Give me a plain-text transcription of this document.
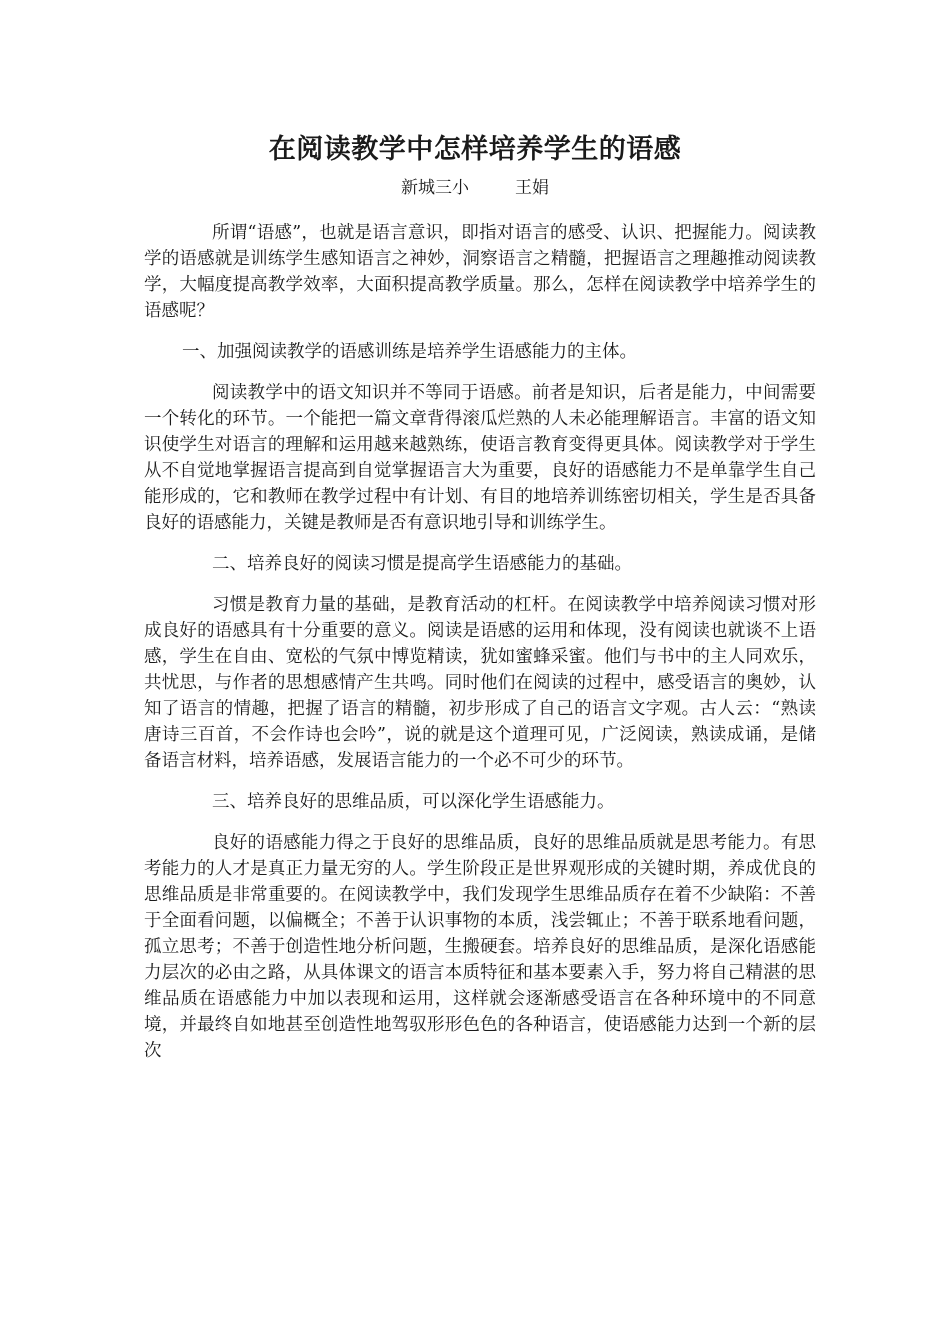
在阅读教学中怎样培养学生的语感
新城三小	王娟

所谓“语感”，也就是语言意识，即指对语言的感受、认识、把握能力。阅读教学的语感就是训练学生感知语言之神妙，洞察语言之精髓，把握语言之理趣推动阅读教　学，大幅度提高教学效率，大面积提高教学质量。那么，怎样在阅读教学中培养学生的语感呢？

一、加强阅读教学的语感训练是培养学生语感能力的主体。

阅读教学中的语文知识并不等同于语感。前者是知识，后者是能力，中间需要一个转化的环节。一个能把一篇文章背得滚瓜烂熟的人未必能理解语言。丰富的语文知识使学生对语言的理解和运用越来越熟练，使语言教育变得更具体。阅读教学对于学生从不自觉地掌握语言提高到自觉掌握语言大为重要，良好的语感能力不是单靠学生自己能形成的，它和教师在教学过程中有计划、有目的地培养训练密切相关，学生是否具备良好的语感能力，关键是教师是否有意识地引导和训练学生。

二、培养良好的阅读习惯是提高学生语感能力的基础。

习惯是教育力量的基础，是教育活动的杠杆。在阅读教学中培养阅读习惯对形成良好的语感具有十分重要的意义。阅读是语感的运用和体现，没有阅读也就谈不上语感，学生在自由、宽松的气氛中博览精读，犹如蜜蜂采蜜。他们与书中的主人同欢乐，共忧思，与作者的思想感情产生共鸣。同时他们在阅读的过程中，感受语言的奥妙，认知了语言的情趣，把握了语言的精髓，初步形成了自己的语言文字观。古人云：“熟读唐诗三百首，不会作诗也会吟”，说的就是这个道理可见，广泛阅读，熟读成诵，是储备语言材料，培养语感，发展语言能力的一个必不可少的环节。

三、培养良好的思维品质，可以深化学生语感能力。

良好的语感能力得之于良好的思维品质，良好的思维品质就是思考能力。有思考能力的人才是真正力量无穷的人。学生阶段正是世界观形成的关键时期，养成优良的思维品质是非常重要的。在阅读教学中，我们发现学生思维品质存在着不少缺陷：不善于全面看问题，以偏概全；不善于认识事物的本质，浅尝辄止；不善于联系地看问题，孤立思考；不善于创造性地分析问题，生搬硬套。培养良好的思维品质，是深化语感能力层次的必由之路，从具体课文的语言本质特征和基本要素入手，努力将自己精湛的思维品质在语感能力中加以表现和运用，这样就会逐渐感受语言在各种环境中的不同意境，并最终自如地甚至创造性地驾驭形形色色的各种语言，使语感能力达到一个新的层次
